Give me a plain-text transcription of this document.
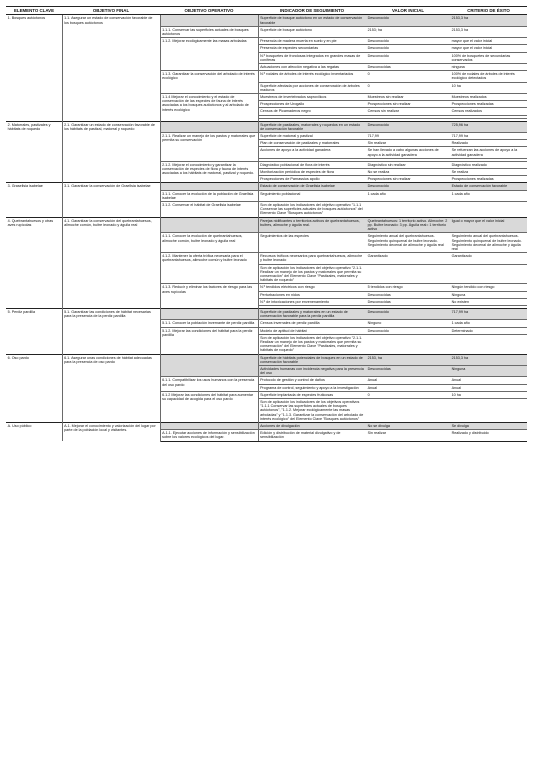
ELEMENTO CLAVE	OBJETIVO FINAL	OBJETIVO OPERATIVO	INDICADOR DE SEGUIMIENTO	VALOR INICIAL	CRITERIO DE ÉXITO
1. Bosques autóctonos	1.1. Asegurar un estado de conservación favorable de los bosques autóctonos		Superficie de bosque autóctono en un estado de conservación favorable	Desconocido	2153,3 ha
		1.1.1. Conservar las superficies actuales de bosques autóctonos	Superficie de bosque autóctono	2153; ha	2153,3 ha
		1.1.2. Mejorar ecológicamente las masas arboladas	Presencia de madera muerta en suelo y en pie	Desconocido	mayor que el valor inicial
			Presencia de especies secundarias	Desconocido	mayor que el valor inicial
			N.º bosquetes de frondosas integrados en grandes masas de coníferas	Desconocido	100% de bosquetes de secundarias conservados
			Actuaciones con afección negativa a las regatas	Desconocidas	ninguna
		1.1.3. Garantizar la conservación del arbolado de interés ecológico	N.º rodales de árboles de interés ecológico inventariados	0	100% de rodales de árboles de interés ecológico detectados
			Superficie afectada por acciones de conservación de árboles maduros	0	10 ha
		1.1.4 Mejorar el conocimiento y el estado de conservación de las especies de fauna de interés asociadas a los bosques autóctonos y al arbolado de interés ecológico	Muestreos de invertebrados saproxílicos	Muestreos sin realizar	Muestreos realizados
			Prospecciones de Urogallo	Prospecciones sin realizar	Prospecciones realizadas
			Censos de Picamaderos negro	Censos sin realizar	Censos realizados

2. Matorrales, pastizales y hábitats de roquedo	2.1. Garantizar un estado de conservación favorable de los hábitats de pastizal, matorral y roquedo		Superficie de pastizales, matorrales y roquedos en un estado de conservación favorable	Desconocido	725,96 ha
		2.1.1. Realizar un manejo de los pastos y matorrales que permita su conservación	Superficie de matorral y pastizal	717,99	717,99 ha
			Plan de conservación de pastizales y matorrales	Sin realizar	Realizado
			Acciones de apoyo a la actividad ganadera	Se han llevado a cabo algunas acciones de apoyo a la actividad ganadera	Se refuerzan las acciones de apoyo a la actividad ganadera

		2.1.2. Mejorar el conocimiento y garantizar la conservación de especies de flora y fauna de interés asociadas a los hábitats de matorral, pastizal y roquedo.	Diagnóstico poblacional de flora de interés	Diagnóstico sin realizar	Diagnóstico realizado
			Monitorización periódica de especies de flora	No se realiza	Se realiza
			Prospecciones de Parnassius apollo	Prospecciones sin realizar	Prospecciones realizadas
3. Grasellsia isabelae	3.1. Garantizar la conservación de Graellsia isabelae		Estado de conservación de Graellsia isabelae	Desconocido	Estado de conservación favorable
		3.1.1. Conocer la evolución de la población de Graellsia isabelae	Seguimiento poblacional	1 cada año	1 cada año
		3.1.2. Conservar el hábitat de Graellsia isabelae	Son de aplicación los indicadores del objetivo operativo "1.1.1 Conservar las superficies actuales de bosques autóctonos" del Elemento Clave "Bosques autóctonos"		
4. Quebrantahuesos y otras aves rupícolas	4.1. Garantizar la conservación del quebrantahuesos, alimoche común, buitre leonado y águila real		Parejas nidificantes o territorios activos de quebrantahuesos, buitres, alimoche y águila real.	Quebrantahuesos: 1 territorio activo. Alimoche: 2 pp. Buitre leonado: 3 pp. Águila real= 1 territorio activo	Igual o mayor que el valor inicial
		4.1.1. Conocer la evolución de quebrantahuesos, alimoche común, buitre leonado y águila real	Seguimientos de las especies	Seguimiento anual del quebrantahuesos. Seguimiento quinquenal de buitre leonado. Seguimiento decenal de alimoche y águila real	Seguimiento anual del quebrantahuesos. Seguimiento quinquenal de buitre leonado. Seguimiento decenal de alimoche y águila real
		4.1.2. Mantener la oferta trófica necesaria para el quebrantahuesos, alimoche común y buitre leonado	Recursos tróficos necesarios para quebrantahuesos, alimoche y buitre leonado	Garantizado	Garantizado
			Son de aplicación los indicadores del objetivo operativo "2.1.1. Realizar un manejo de los pastos y matorrales que permita su conservación" del Elemento Clave "Pastizales, matorrales y hábitats de roquedo"		
		4.1.3. Reducir y eliminar los factores de riesgo para las aves rupícolas	N.º tendidos eléctricos con riesgo	5 tendidos con riesgo	Ningún tendido con riesgo
			Perturbaciones en nidos	Desconocidas	Ninguna
			N.º de intoxicaciones por envenenamiento	Desconocidas	No existen

5. Perdiz pardilla	5.1. Garantizar las condiciones de hábitat necesarias para la presencia de la perdiz pardilla		Superficie de pastizales y matorrales en un estado de conservación favorable para la perdiz pardilla	Desconocido	717,99 ha
		5.1.1. Conocer la población invernante de perdiz pardilla	Censos invernales de perdiz pardilla	Ninguno	1 cada año
		5.1.2. Mejorar las condiciones del hábitat para la perdiz pardilla	Modelo de aptitud de hábitat	Desconocido	Determinado
			Son de aplicación los indicadores del objetivo operativo "2.1.1. Realizar un manejo de los pastos y matorrales que permita su conservación" del Elemento Clave "Pastizales, matorrales y hábitats de roquedo"		
6. Oso pardo	6.1. Asegurar unas condiciones de hábitat adecuadas para la presencia de oso pardo		Superficie de hábitats potenciales de bosques en un estado de conservación favorable	2153, ha	2153,3 ha
			Actividades humanas con incidencia negativa para la presencia del oso	Desconocidas	Ninguna
		6.1.1. Compatibilizar los usos humanos con la presencia del oso pardo	Protocolo de gestión y control de daños	Anual	Anual
			Programa de control, seguimiento y apoyo a la investigación	Anual	Anual
		6.1.2 Mejorar las condiciones del hábitat para aumentar su capacidad de acogida para el oso pardo	Superficie implantada de especies fruticosas	0	10 ha
			Son de aplicación los indicadores de los objetivos operativos "1.1.1 Conservar las superficies actuales de bosques autóctonos", "1.1.2. Mejorar ecológicamente las masas arboladas" y "1.1.3. Garantizar la conservación del arbolado de interés ecológico" del Elemento Clave "Bosques autóctonos"		
A. Uso público	A.1. Mejorar el conocimiento y valorización del lugar por parte de la población local y visitantes.		Acciones de divulgación	No se divulga	Se divulga
		A.1.1. Ejecutar acciones de información y sensibilización sobre los valores ecológicos del lugar.	Edición y distribución de material divulgativo y de sensibilización	Sin realizar	Realizado y distribuido
